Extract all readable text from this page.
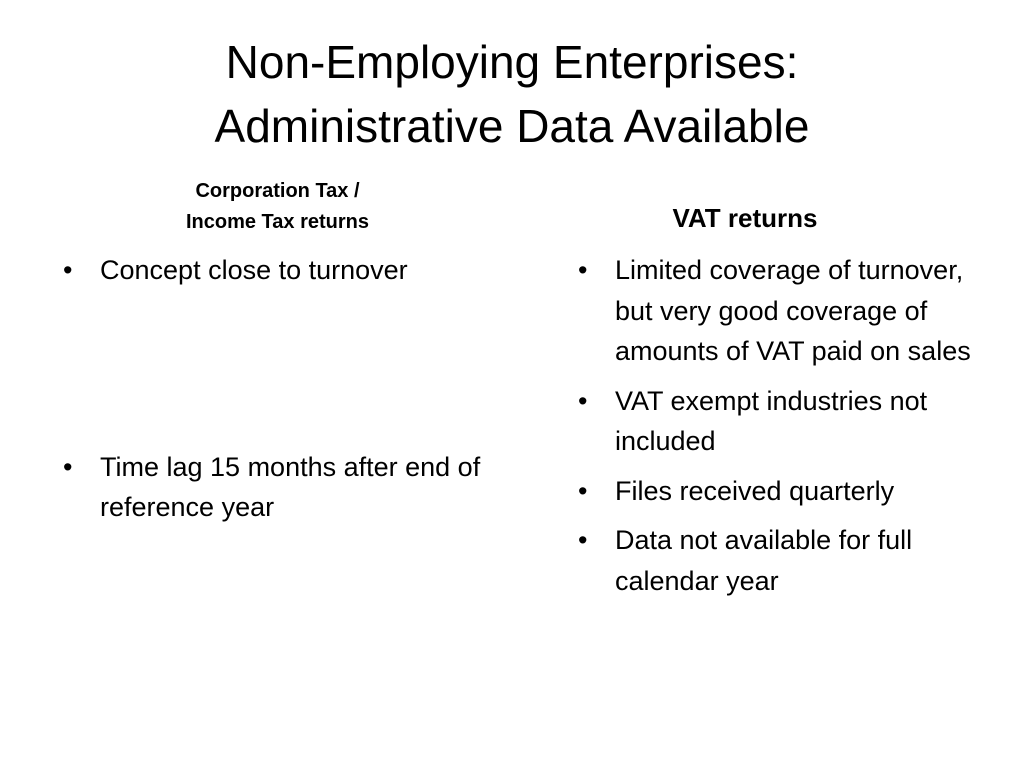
Non-Employing Enterprises:
Administrative Data Available
Corporation Tax /
Income Tax returns	VAT returns
• Concept close to turnover
• Time lag 15 months after end of reference year
• Limited coverage of turnover, but very good coverage of amounts of VAT paid on sales
• VAT exempt industries not included
• Files received quarterly
• Data not available for full calendar year
